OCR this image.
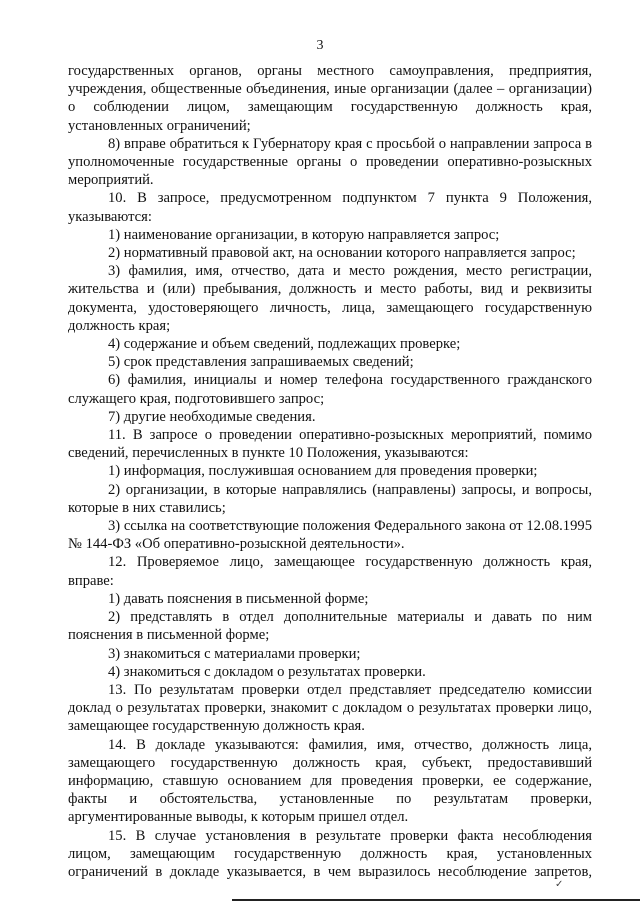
3

государственных органов, органы местного самоуправления, предприятия, учреждения, общественные объединения, иные организации (далее – организации) о соблюдении лицом, замещающим государственную должность края, установленных ограничений;

8) вправе обратиться к Губернатору края с просьбой о направлении запроса в уполномоченные государственные органы о проведении оперативно-розыскных мероприятий.

10. В запросе, предусмотренном подпунктом 7 пункта 9 Положения, указываются:

1) наименование организации, в которую направляется запрос;

2) нормативный правовой акт, на основании которого направляется запрос;

3) фамилия, имя, отчество, дата и место рождения, место регистрации, жительства и (или) пребывания, должность и место работы, вид и реквизиты документа, удостоверяющего личность, лица, замещающего государственную должность края;

4) содержание и объем сведений, подлежащих проверке;

5) срок представления запрашиваемых сведений;

6) фамилия, инициалы и номер телефона государственного гражданского служащего края, подготовившего запрос;

7) другие необходимые сведения.

11. В запросе о проведении оперативно-розыскных мероприятий, помимо сведений, перечисленных в пункте 10 Положения, указываются:

1) информация, послужившая основанием для проведения проверки;

2) организации, в которые направлялись (направлены) запросы, и вопросы, которые в них ставились;

3) ссылка на соответствующие положения Федерального закона от 12.08.1995 № 144-ФЗ «Об оперативно-розыскной деятельности».

12. Проверяемое лицо, замещающее государственную должность края, вправе:

1) давать пояснения в письменной форме;

2) представлять в отдел дополнительные материалы и давать по ним пояснения в письменной форме;

3) знакомиться с материалами проверки;

4) знакомиться с докладом о результатах проверки.

13. По результатам проверки отдел представляет председателю комиссии доклад о результатах проверки, знакомит с докладом о результатах проверки лицо, замещающее государственную должность края.

14. В докладе указываются: фамилия, имя, отчество, должность лица, замещающего государственную должность края, субъект, предоставивший информацию, ставшую основанием для проведения проверки, ее содержание, факты и обстоятельства, установленные по результатам проверки, аргументированные выводы, к которым пришел отдел.

15. В случае установления в результате проверки факта несоблюдения лицом, замещающим государственную должность края, установленных ограничений в докладе указывается, в чем выразилось несоблюдение запретов,

✓
